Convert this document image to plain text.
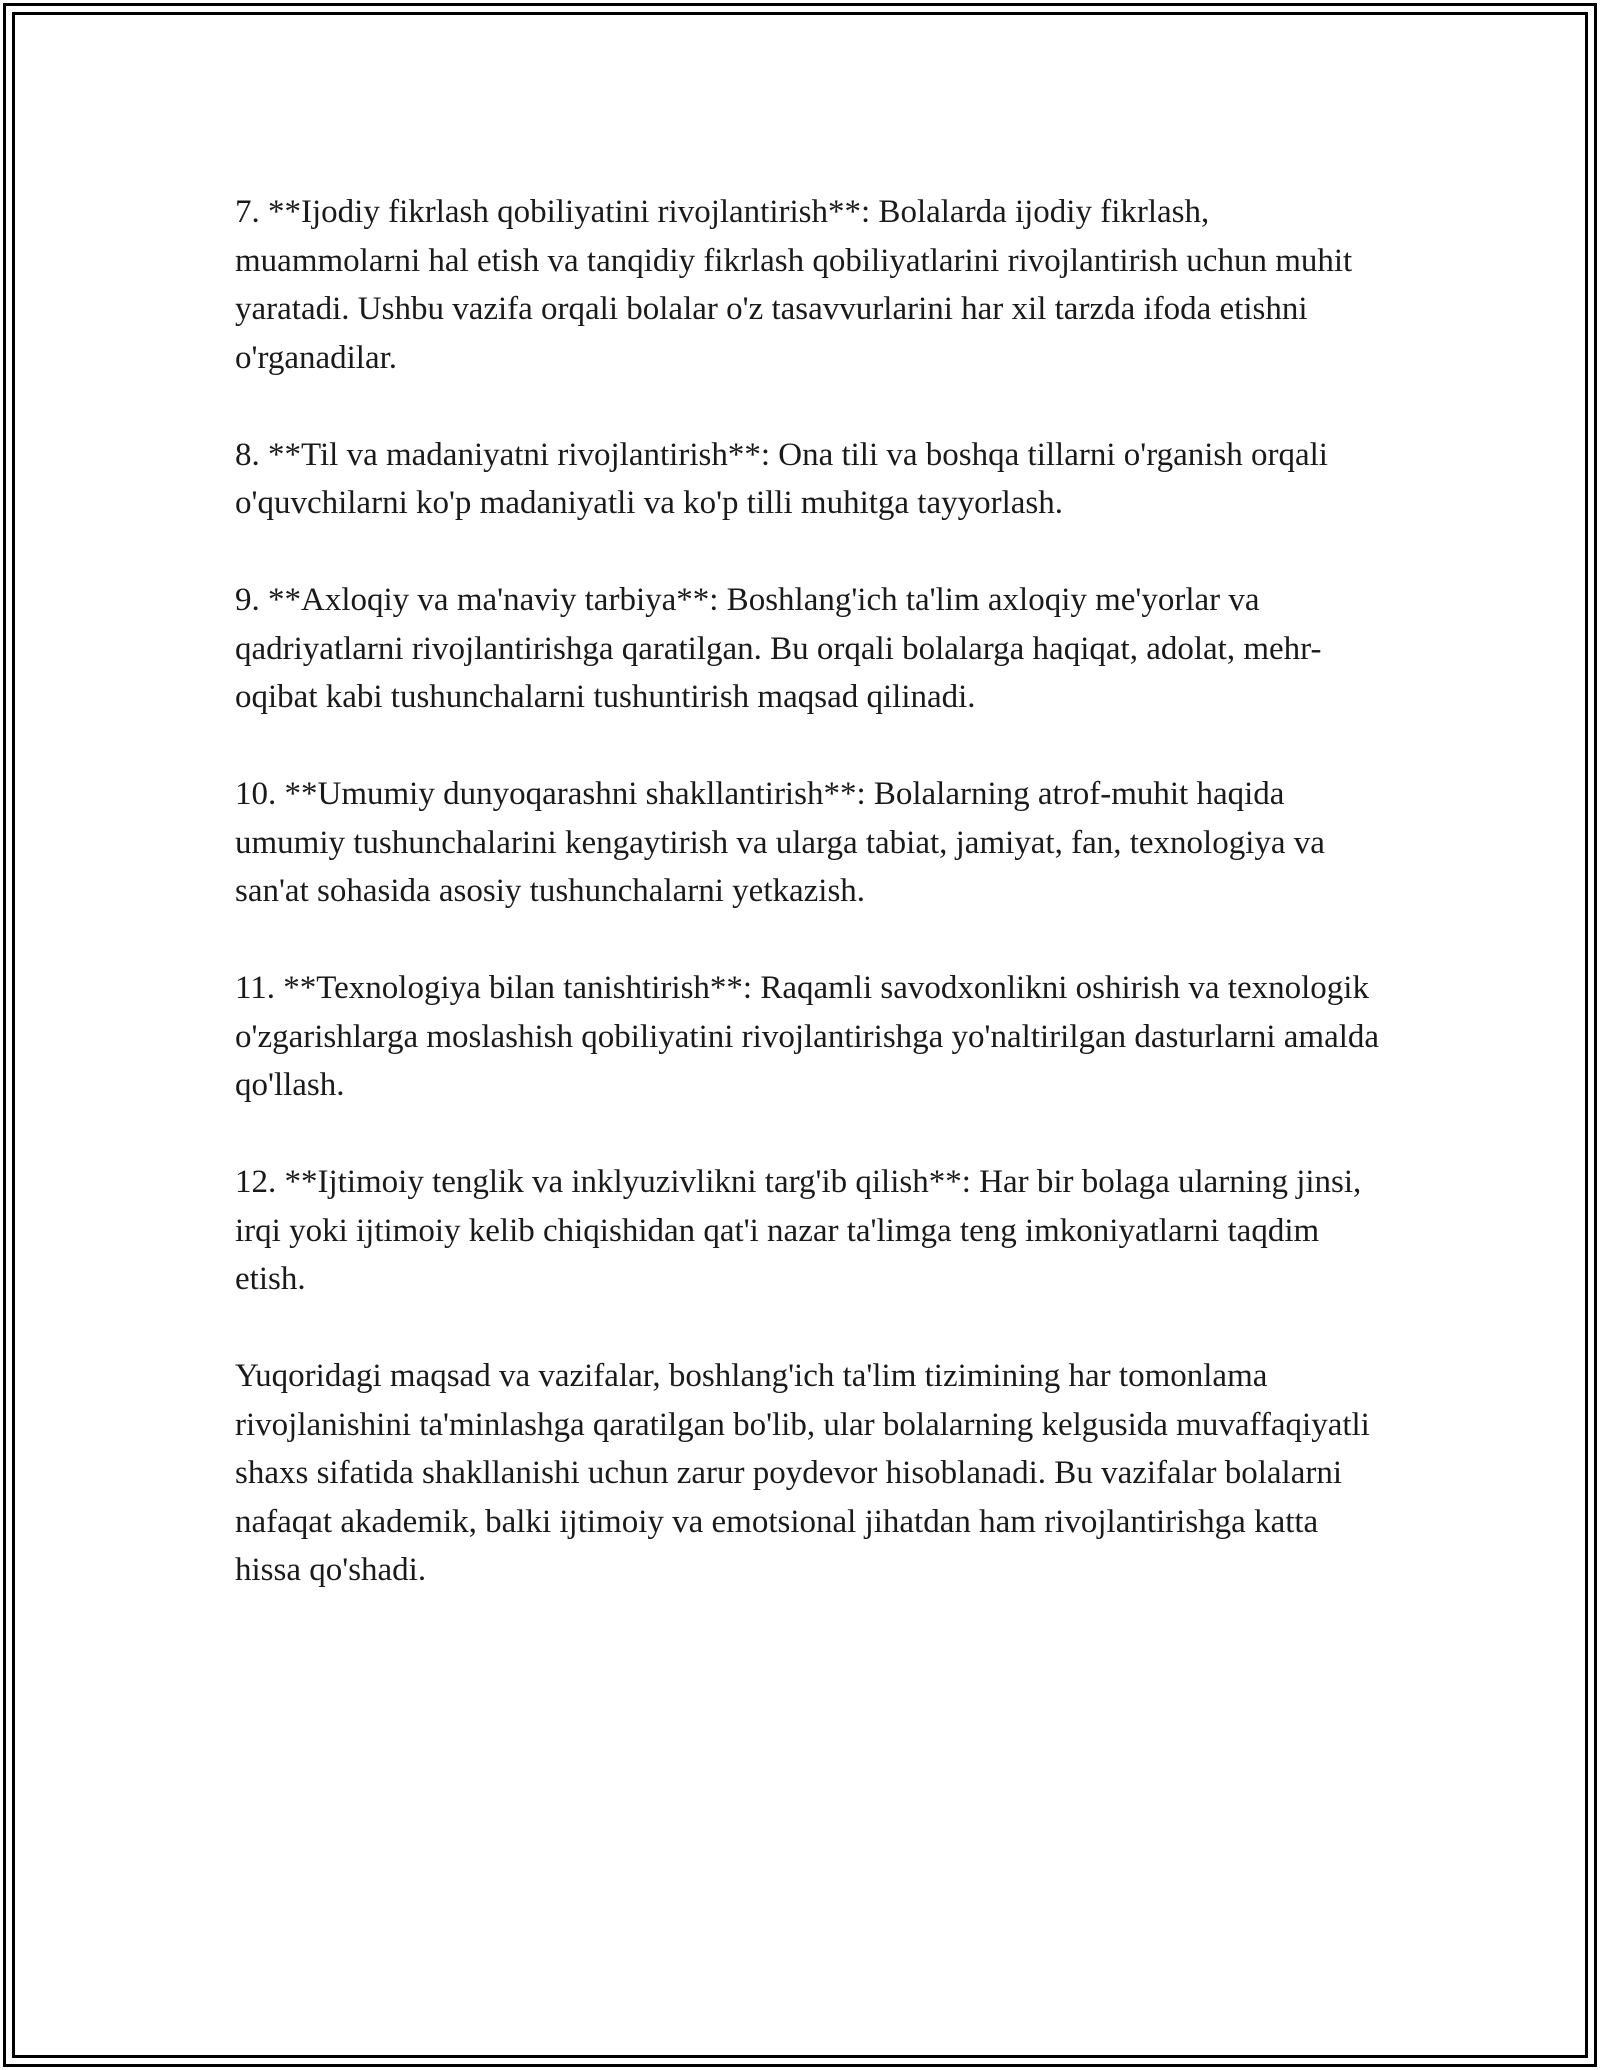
7. **Ijodiy fikrlash qobiliyatini rivojlantirish**: Bolalarda ijodiy fikrlash, muammolarni hal etish va tanqidiy fikrlash qobiliyatlarini rivojlantirish uchun muhit yaratadi. Ushbu vazifa orqali bolalar o'z tasavvurlarini har xil tarzda ifoda etishni o'rganadilar.

8. **Til va madaniyatni rivojlantirish**: Ona tili va boshqa tillarni o'rganish orqali o'quvchilarni ko'p madaniyatli va ko'p tilli muhitga tayyorlash.

9. **Axloqiy va ma'naviy tarbiya**: Boshlang'ich ta'lim axloqiy me'yorlar va qadriyatlarni rivojlantirishga qaratilgan. Bu orqali bolalarga haqiqat, adolat, mehr-oqibat kabi tushunchalarni tushuntirish maqsad qilinadi.

10. **Umumiy dunyoqarashni shakllantirish**: Bolalarning atrof-muhit haqida umumiy tushunchalarini kengaytirish va ularga tabiat, jamiyat, fan, texnologiya va san'at sohasida asosiy tushunchalarni yetkazish.

11. **Texnologiya bilan tanishtirish**: Raqamli savodxonlikni oshirish va texnologik o'zgarishlarga moslashish qobiliyatini rivojlantirishga yo'naltirilgan dasturlarni amalda qo'llash.

12. **Ijtimoiy tenglik va inklyuzivlikni targ'ib qilish**: Har bir bolaga ularning jinsi, irqi yoki ijtimoiy kelib chiqishidan qat'i nazar ta'limga teng imkoniyatlarni taqdim etish.

Yuqoridagi maqsad va vazifalar, boshlang'ich ta'lim tizimining har tomonlama rivojlanishini ta'minlashga qaratilgan bo'lib, ular bolalarning kelgusida muvaffaqiyatli shaxs sifatida shakllanishi uchun zarur poydevor hisoblanadi. Bu vazifalar bolalarni nafaqat akademik, balki ijtimoiy va emotsional jihatdan ham rivojlantirishga katta hissa qo'shadi.
